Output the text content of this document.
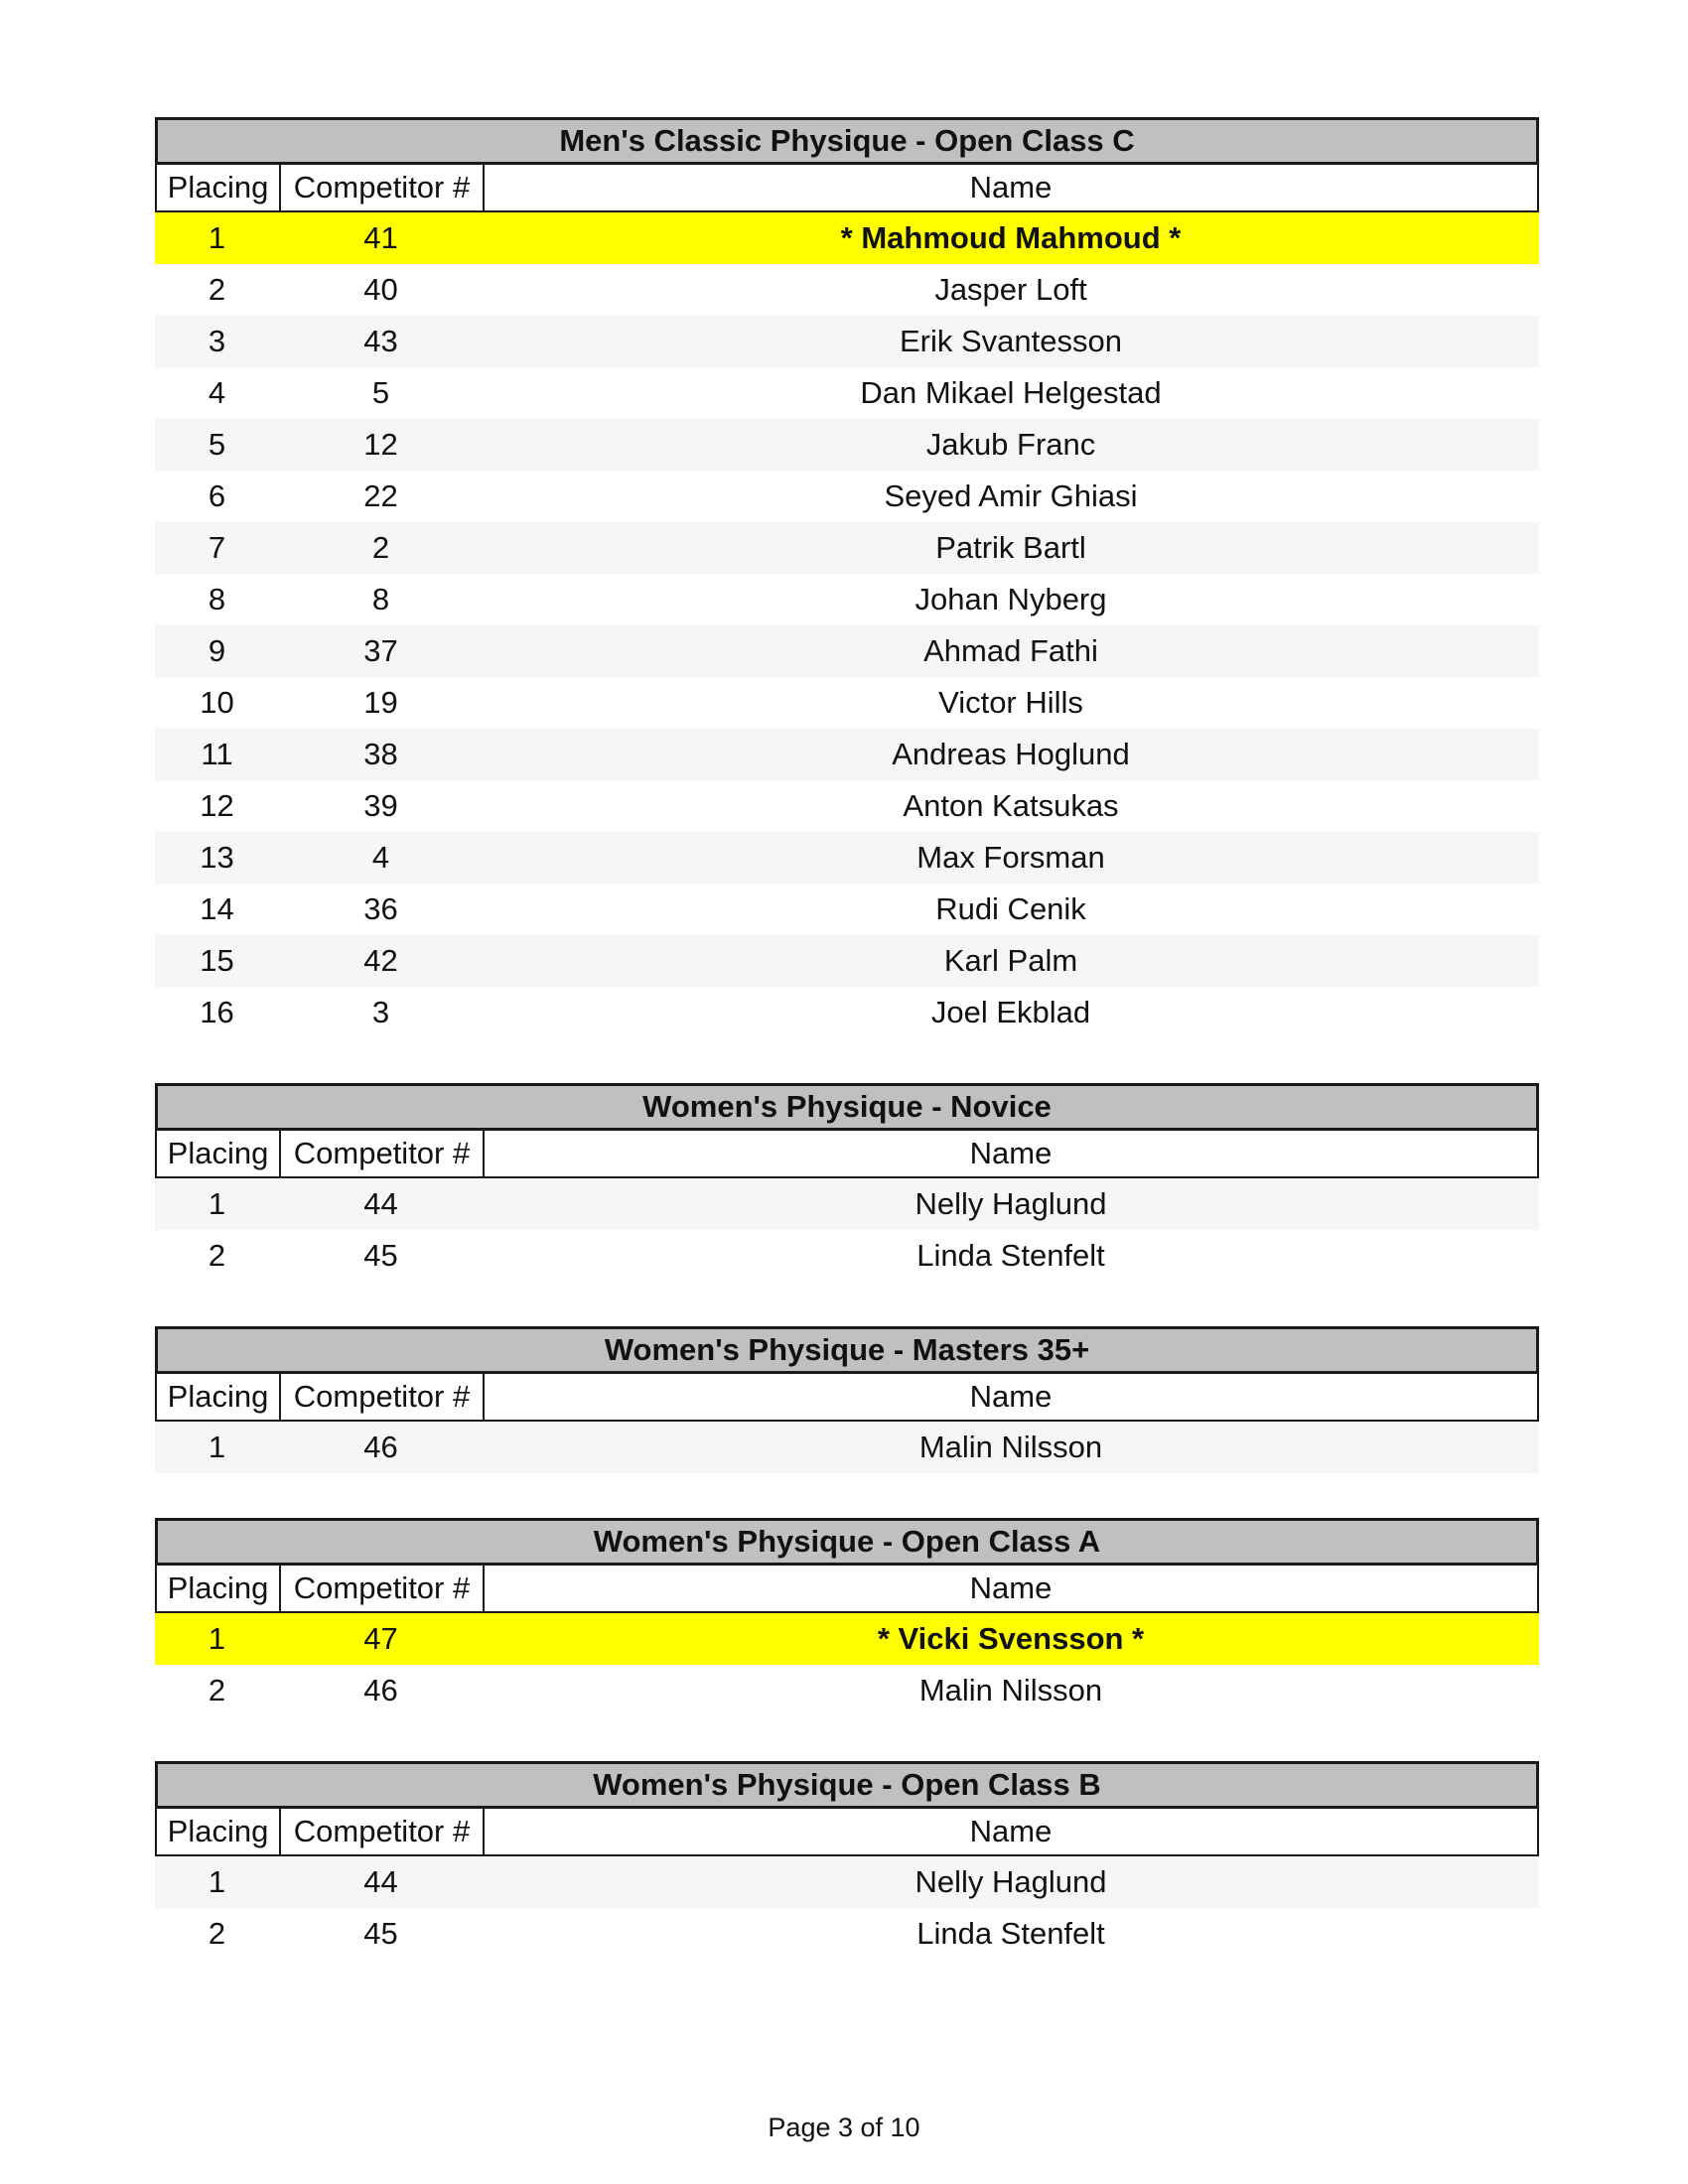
Men's Classic Physique - Open Class C
Placing Competitor #	Name
1	41	* Mahmoud Mahmoud *
2	40	Jasper Loft
3	43	Erik Svantesson
4	5	Dan Mikael Helgestad
5	12	Jakub Franc
6	22	Seyed Amir Ghiasi
7	2	Patrik Bartl
8	8	Johan Nyberg
9	37	Ahmad Fathi
10	19	Victor Hills
11	38	Andreas Hoglund
12	39	Anton Katsukas
13	4	Max Forsman
14	36	Rudi Cenik
15	42	Karl Palm
16	3	Joel Ekblad
Women's Physique - Novice
Placing Competitor #	Name
1	44	Nelly Haglund
2	45	Linda Stenfelt
Women's Physique - Masters 35+
Placing Competitor #	Name
1	46	Malin Nilsson
Women's Physique - Open Class A
Placing Competitor #	Name
1	47	* Vicki Svensson *
2	46	Malin Nilsson
Women's Physique - Open Class B
Placing Competitor #	Name
1	44	Nelly Haglund
2	45	Linda Stenfelt
Page 3 of 10
